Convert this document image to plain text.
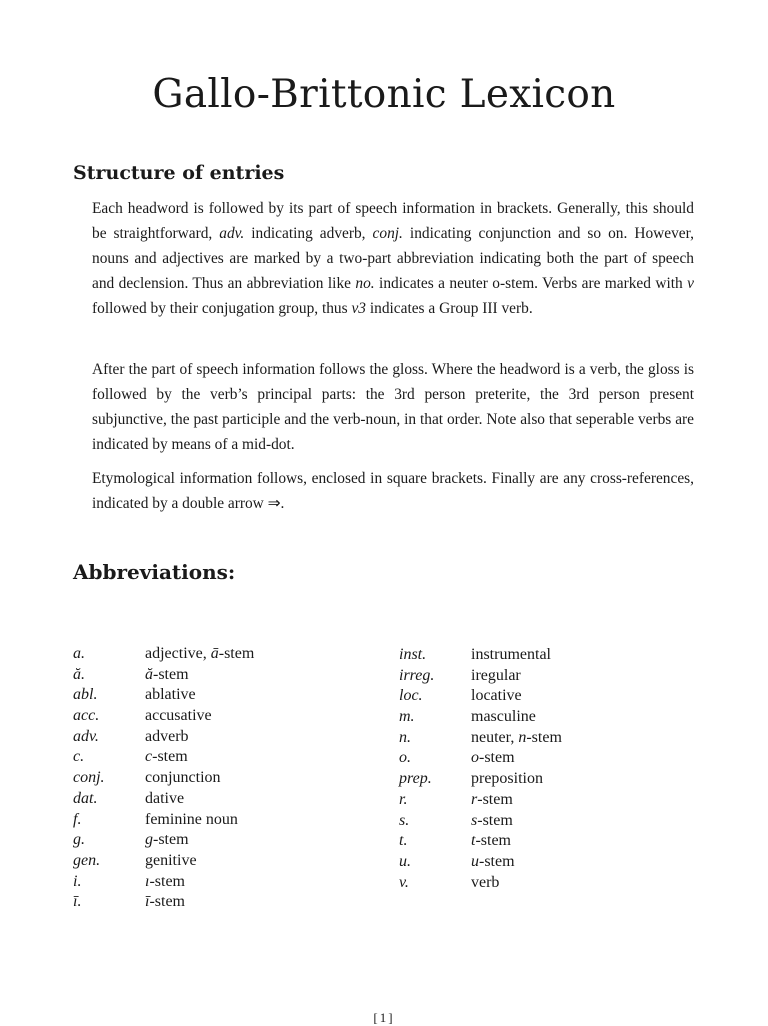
Gallo-Brittonic Lexicon
Structure of entries

Each headword is followed by its part of speech information in brackets. Generally, this should be straightforward, adv. indicating adverb, conj. indicating conjunction and so on. However, nouns and adjectives are marked by a two-part abbreviation indicating both the part of speech and declension. Thus an abbreviation like no. indicates a neuter o-stem. Verbs are marked with v followed by their conjugation group, thus v3 indicates a Group III verb.

After the part of speech information follows the gloss. Where the headword is a verb, the gloss is followed by the verb’s principal parts: the 3rd person preterite, the 3rd person present subjunctive, the past participle and the verb-noun, in that order. Note also that seperable verbs are indicated by means of a mid-dot.

Etymological information follows, enclosed in square brackets. Finally are any cross-references, indicated by a double arrow ⇒.

Abbreviations:
a.	adjective, ā-stem
ă.	ă-stem
abl.	ablative
acc.	accusative
adv.	adverb
c.	c-stem
conj.	conjunction
dat.	dative
f.	feminine noun
g.	g-stem
gen.	genitive
i.	ı-stem
ī.	ī-stem
inst.	instrumental
irreg.	iregular
loc.	locative
m.	masculine
n.	neuter, n-stem
o.	o-stem
prep.	preposition
r.	r-stem
s.	s-stem
t.	t-stem
u.	u-stem
v.	verb
[1]
